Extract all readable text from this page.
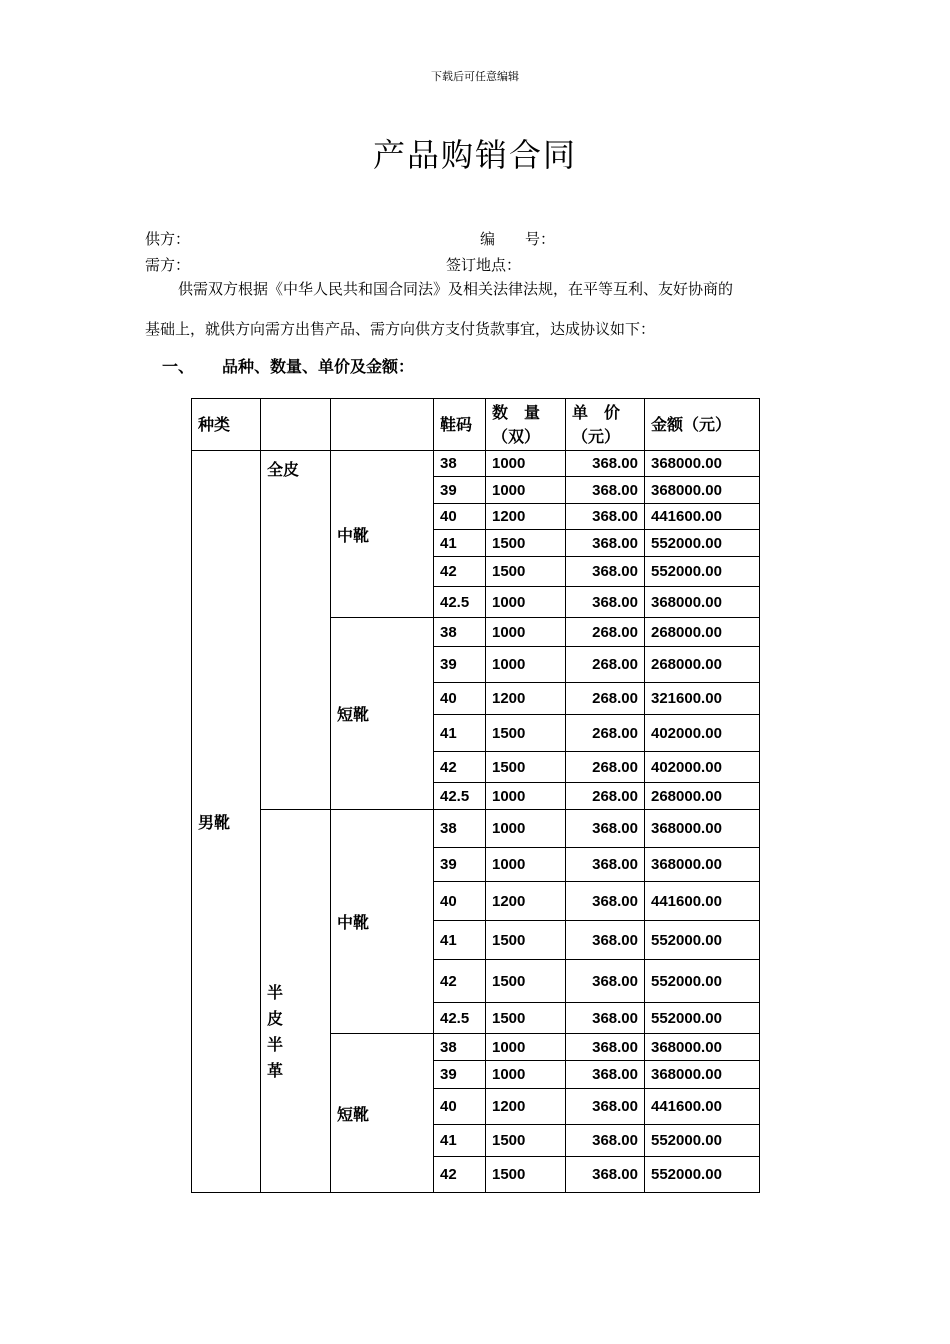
下载后可任意编辑
产品购销合同
供方：	编　　号：
需方：	签订地点：
供需双方根据《中华人民共和国合同法》及相关法律法规，在平等互利、友好协商的
基础上，就供方向需方出售产品、需方向供方支付货款事宜，达成协议如下：
一、 品种、数量、单价及金额：
种类			鞋码	数　量（双）	单　价（元）	金额（元）
男靴	全皮	中靴	38	1000	368.00	368000.00
			39	1000	368.00	368000.00
			40	1200	368.00	441600.00
			41	1500	368.00	552000.00
			42	1500	368.00	552000.00
			42.5	1000	368.00	368000.00
		短靴	38	1000	268.00	268000.00
			39	1000	268.00	268000.00
			40	1200	268.00	321600.00
			41	1500	268.00	402000.00
			42	1500	268.00	402000.00
			42.5	1000	268.00	268000.00
	半皮半革	中靴	38	1000	368.00	368000.00
			39	1000	368.00	368000.00
			40	1200	368.00	441600.00
			41	1500	368.00	552000.00
			42	1500	368.00	552000.00
			42.5	1500	368.00	552000.00
		短靴	38	1000	368.00	368000.00
			39	1000	368.00	368000.00
			40	1200	368.00	441600.00
			41	1500	368.00	552000.00
			42	1500	368.00	552000.00
